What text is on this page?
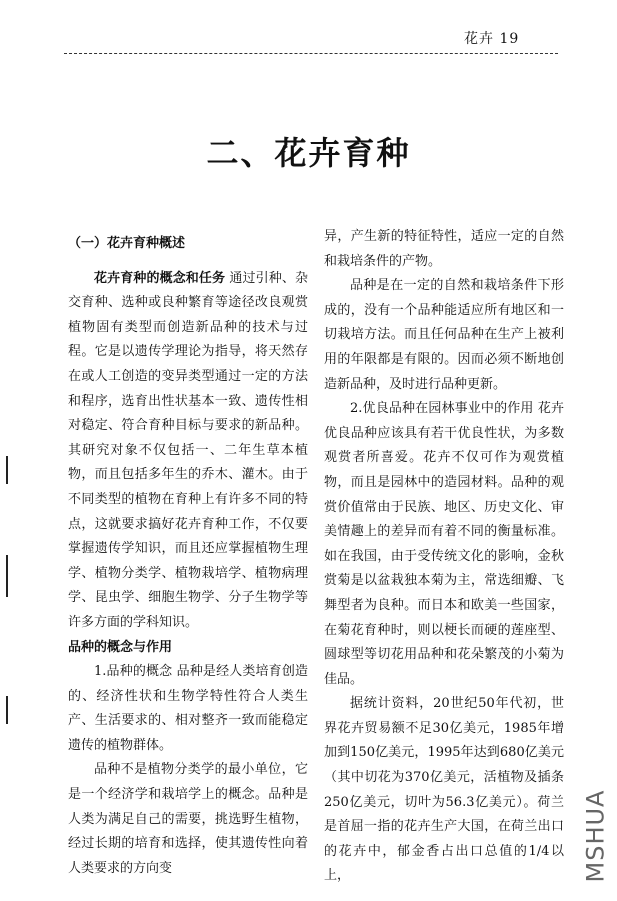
花卉 19
二、花卉育种

（一）花卉育种概述

花卉育种的概念和任务 通过引种、杂交育种、选种或良种繁育等途径改良观赏植物固有类型而创造新品种的技术与过程。它是以遗传学理论为指导，将天然存在或人工创造的变异类型通过一定的方法和程序，选育出性状基本一致、遗传性相对稳定、符合育种目标与要求的新品种。其研究对象不仅包括一、二年生草本植物，而且包括多年生的乔木、灌木。由于不同类型的植物在育种上有许多不同的特点，这就要求搞好花卉育种工作，不仅要掌握遗传学知识，而且还应掌握植物生理学、植物分类学、植物栽培学、植物病理学、昆虫学、细胞生物学、分子生物学等许多方面的学科知识。

品种的概念与作用

1.品种的概念 品种是经人类培育创造的、经济性状和生物学特性符合人类生产、生活要求的、相对整齐一致而能稳定遗传的植物群体。

品种不是植物分类学的最小单位，它是一个经济学和栽培学上的概念。品种是人类为满足自己的需要，挑选野生植物，经过长期的培育和选择，使其遗传性向着人类要求的方向变

异，产生新的特征特性，适应一定的自然和栽培条件的产物。

品种是在一定的自然和栽培条件下形成的，没有一个品种能适应所有地区和一切栽培方法。而且任何品种在生产上被利用的年限都是有限的。因而必须不断地创造新品种，及时进行品种更新。

2.优良品种在园林事业中的作用 花卉优良品种应该具有若干优良性状，为多数观赏者所喜爱。花卉不仅可作为观赏植物，而且是园林中的造园材料。品种的观赏价值常由于民族、地区、历史文化、审美情趣上的差异而有着不同的衡量标准。如在我国，由于受传统文化的影响，金秋赏菊是以盆栽独本菊为主，常选细瓣、飞舞型者为良种。而日本和欧美一些国家，在菊花育种时，则以梗长而硬的莲座型、圆球型等切花用品种和花朵繁茂的小菊为佳品。

据统计资料，20世纪50年代初，世界花卉贸易额不足30亿美元，1985年增加到150亿美元，1995年达到680亿美元（其中切花为370亿美元，活植物及插条250亿美元，切叶为56.3亿美元）。荷兰是首屈一指的花卉生产大国，在荷兰出口的花卉中，郁金香占出口总值的1/4以上，	MSHUA
